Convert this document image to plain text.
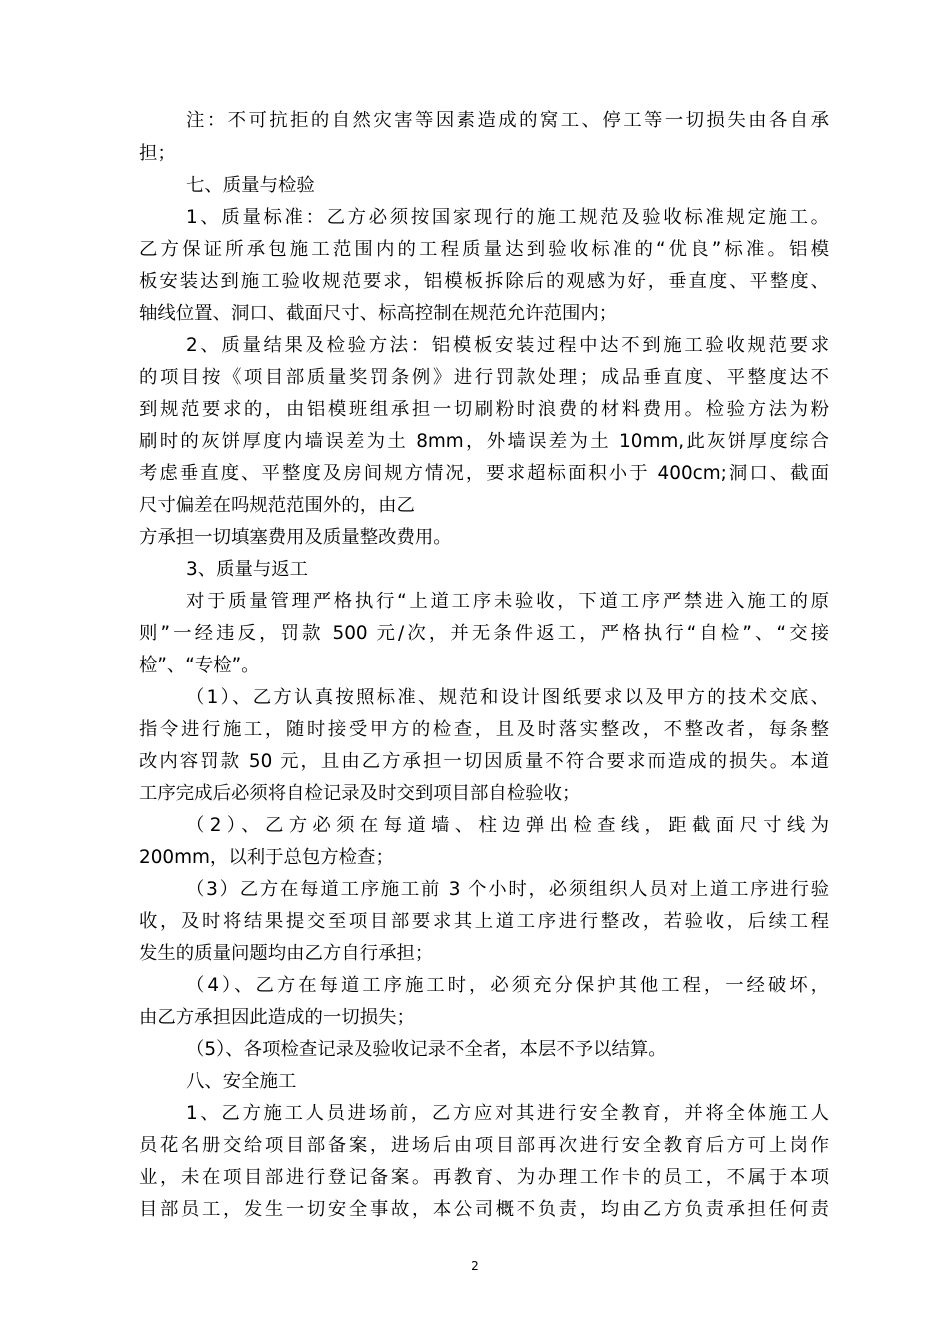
注：不可抗拒的自然灾害等因素造成的窝工、停工等一切损失由各自承
担；
七、质量与检验
1、质量标准：乙方必须按国家现行的施工规范及验收标准规定施工。
乙方保证所承包施工范围内的工程质量达到验收标准的“优良”标准。铝模
板安装达到施工验收规范要求，铝模板拆除后的观感为好，垂直度、平整度、
轴线位置、洞口、截面尺寸、标高控制在规范允许范围内；
2、质量结果及检验方法：铝模板安装过程中达不到施工验收规范要求
的项目按《项目部质量奖罚条例》进行罚款处理；成品垂直度、平整度达不
到规范要求的，由铝模班组承担一切刷粉时浪费的材料费用。检验方法为粉
刷时的灰饼厚度内墙误差为土 8mm，外墙误差为土 10mm,此灰饼厚度综合
考虑垂直度、平整度及房间规方情况，要求超标面积小于 400cm;洞口、截面
尺寸偏差在吗规范范围外的，由乙
方承担一切填塞费用及质量整改费用。
3、质量与返工
对于质量管理严格执行“上道工序未验收，下道工序严禁进入施工的原
则”一经违反，罚款 500 元/次，并无条件返工，严格执行“自检”、“交接
检”、“专检”。
（1）、乙方认真按照标准、规范和设计图纸要求以及甲方的技术交底、
指令进行施工，随时接受甲方的检查，且及时落实整改，不整改者，每条整
改内容罚款 50 元，且由乙方承担一切因质量不符合要求而造成的损失。本道
工序完成后必须将自检记录及时交到项目部自检验收；
（2）、乙方必须在每道墙、柱边弹出检查线，距截面尺寸线为
200mm，以利于总包方检查；
（3）乙方在每道工序施工前 3 个小时，必须组织人员对上道工序进行验
收，及时将结果提交至项目部要求其上道工序进行整改，若验收，后续工程
发生的质量问题均由乙方自行承担；
（4）、乙方在每道工序施工时，必须充分保护其他工程，一经破坏，
由乙方承担因此造成的一切损失；
（5）、各项检查记录及验收记录不全者，本层不予以结算。
八、安全施工
1、乙方施工人员进场前，乙方应对其进行安全教育，并将全体施工人
员花名册交给项目部备案，进场后由项目部再次进行安全教育后方可上岗作
业，未在项目部进行登记备案。再教育、为办理工作卡的员工，不属于本项
目部员工，发生一切安全事故，本公司概不负责，均由乙方负责承担任何责
2
